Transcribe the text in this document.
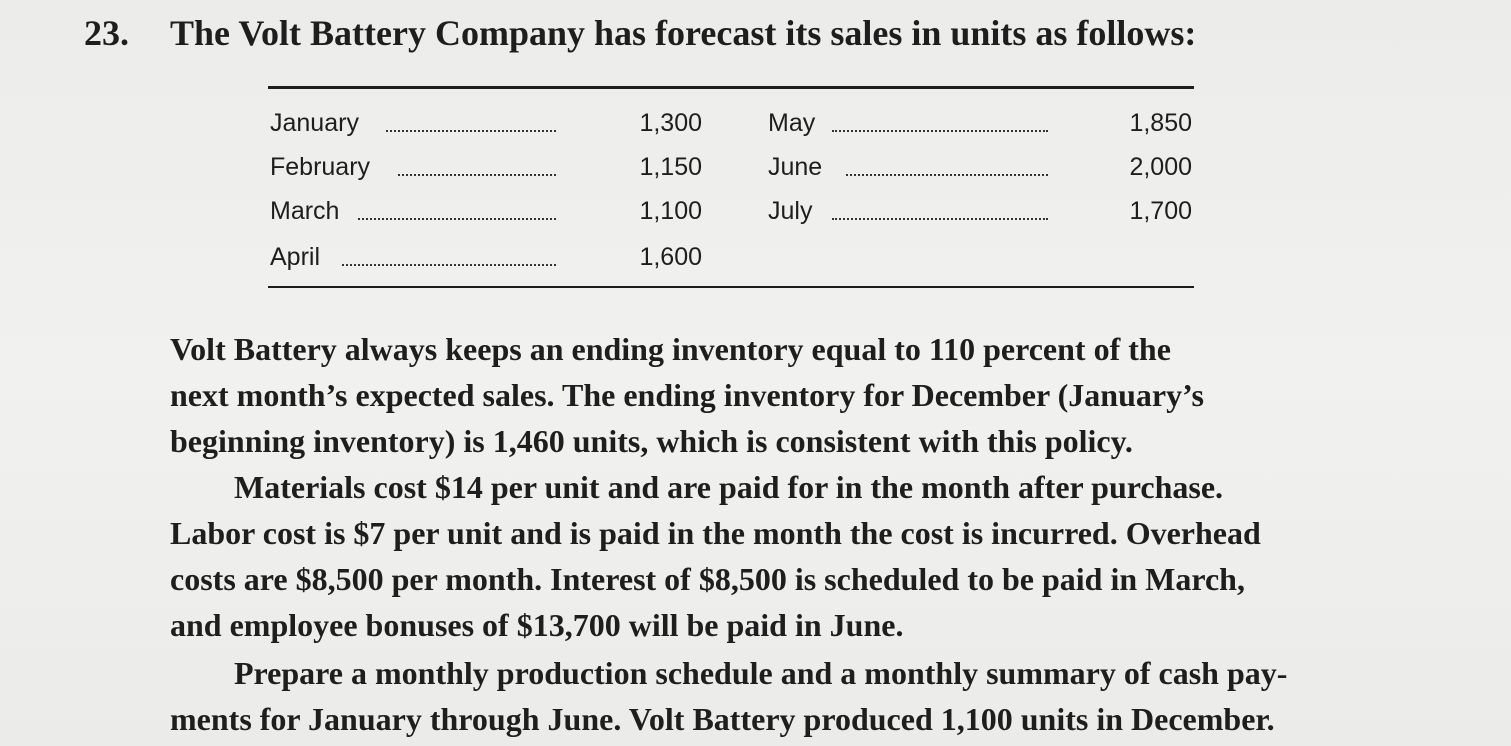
23. The Volt Battery Company has forecast its sales in units as follows:
January	1,300
February	1,150
March	1,100
April	1,600
May	1,850
June	2,000
July	1,700
Volt Battery always keeps an ending inventory equal to 110 percent of the
next month’s expected sales. The ending inventory for December (January’s
beginning inventory) is 1,460 units, which is consistent with this policy.
Materials cost $14 per unit and are paid for in the month after purchase.
Labor cost is $7 per unit and is paid in the month the cost is incurred. Overhead
costs are $8,500 per month. Interest of $8,500 is scheduled to be paid in March,
and employee bonuses of $13,700 will be paid in June.
Prepare a monthly production schedule and a monthly summary of cash pay-
ments for January through June. Volt Battery produced 1,100 units in December.
